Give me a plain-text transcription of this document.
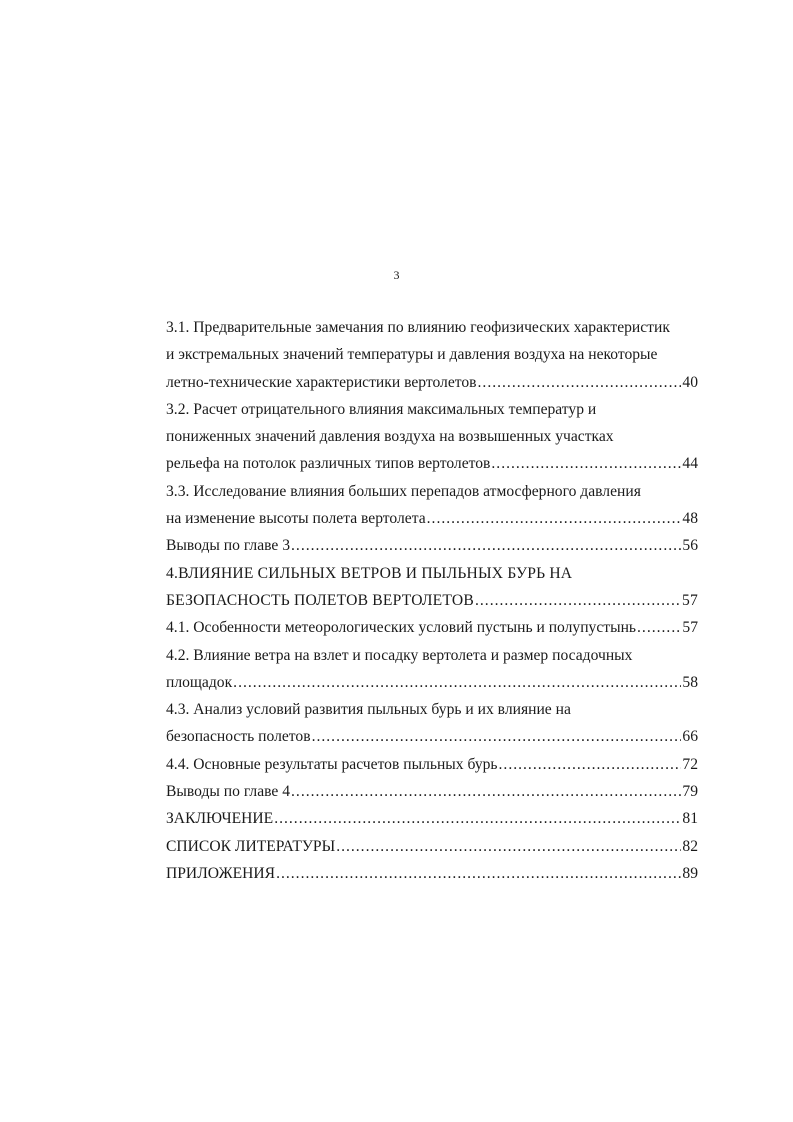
3
3.1. Предварительные замечания по влиянию геофизических характеристик
и экстремальных значений температуры и давления воздуха на некоторые
летно-технические характеристики вертолетов .....	40
3.2. Расчет отрицательного влияния максимальных температур и
пониженных значений давления воздуха на возвышенных участках
рельефа на потолок различных типов вертолетов .....	44
3.3. Исследование влияния больших перепадов атмосферного давления
на изменение высоты полета вертолета .....	48
Выводы по главе 3 .....	56
4.ВЛИЯНИЕ СИЛЬНЫХ ВЕТРОВ И ПЫЛЬНЫХ БУРЬ НА
БЕЗОПАСНОСТЬ ПОЛЕТОВ ВЕРТОЛЕТОВ .....	57
4.1. Особенности метеорологических условий пустынь и полупустынь .....	57
4.2. Влияние ветра на взлет и посадку вертолета и размер посадочных
площадок .....	58
4.3. Анализ условий развития пыльных бурь и их влияние на
безопасность полетов .....	66
4.4. Основные результаты расчетов пыльных бурь .....	72
Выводы по главе 4 .....	79
ЗАКЛЮЧЕНИЕ .....	81
СПИСОК ЛИТЕРАТУРЫ .....	82
ПРИЛОЖЕНИЯ .....	89
